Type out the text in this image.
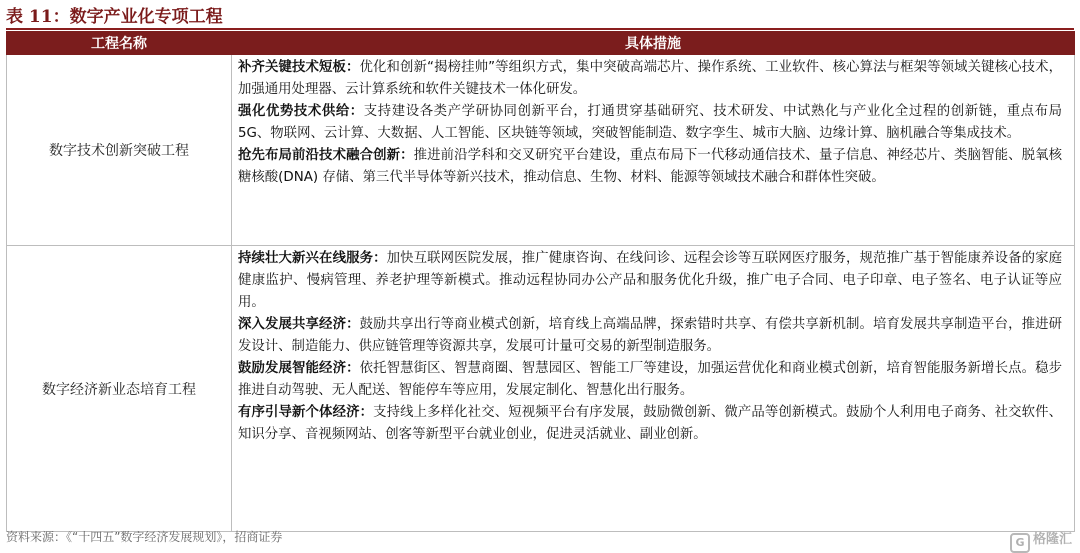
表 11：数字产业化专项工程
工程名称	具体措施
数字技术创新突破工程	补齐关键技术短板：优化和创新“揭榜挂帅”等组织方式，集中突破高端芯片、操作系统、工业软件、核心算法与框架等领域关键核心技术，加强通用处理器、云计算系统和软件关键技术一体化研发。
强化优势技术供给：支持建设各类产学研协同创新平台，打通贯穿基础研究、技术研发、中试熟化与产业化全过程的创新链，重点布局 5G、物联网、云计算、大数据、人工智能、区块链等领域，突破智能制造、数字孪生、城市大脑、边缘计算、脑机融合等集成技术。
抢先布局前沿技术融合创新：推进前沿学科和交叉研究平台建设，重点布局下一代移动通信技术、量子信息、神经芯片、类脑智能、脱氧核糖核酸(DNA) 存储、第三代半导体等新兴技术，推动信息、生物、材料、能源等领域技术融合和群体性突破。

数字经济新业态培育工程	持续壮大新兴在线服务：加快互联网医院发展，推广健康咨询、在线问诊、远程会诊等互联网医疗服务，规范推广基于智能康养设备的家庭健康监护、慢病管理、养老护理等新模式。推动远程协同办公产品和服务优化升级，推广电子合同、电子印章、电子签名、电子认证等应用。
深入发展共享经济：鼓励共享出行等商业模式创新，培育线上高端品牌，探索错时共享、有偿共享新机制。培育发展共享制造平台，推进研发设计、制造能力、供应链管理等资源共享，发展可计量可交易的新型制造服务。
鼓励发展智能经济：依托智慧街区、智慧商圈、智慧园区、智能工厂等建设，加强运营优化和商业模式创新，培育智能服务新增长点。稳步推进自动驾驶、无人配送、智能停车等应用，发展定制化、智慧化出行服务。
有序引导新个体经济：支持线上多样化社交、短视频平台有序发展，鼓励微创新、微产品等创新模式。鼓励个人利用电子商务、社交软件、知识分享、音视频网站、创客等新型平台就业创业，促进灵活就业、副业创新。
资料来源：《“十四五”数字经济发展规划》，招商证券	G 格隆汇
